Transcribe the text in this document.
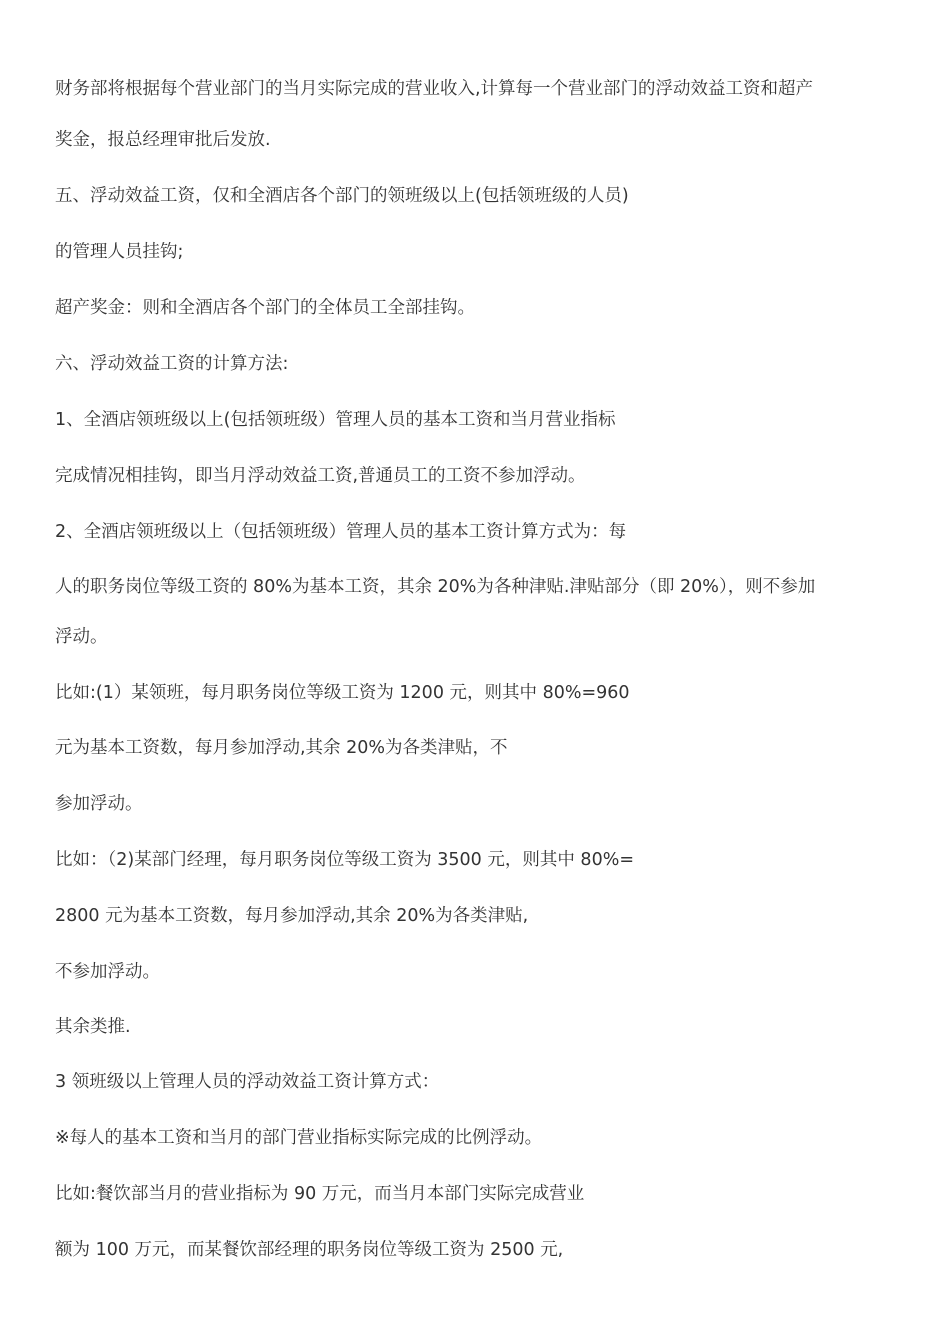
财务部将根据每个营业部门的当月实际完成的营业收入,计算每一个营业部门的浮动效益工资和超产
奖金，报总经理审批后发放.
五、浮动效益工资，仅和全酒店各个部门的领班级以上(包括领班级的人员)
的管理人员挂钩;
超产奖金：则和全酒店各个部门的全体员工全部挂钩。
六、浮动效益工资的计算方法:
1、全酒店领班级以上(包括领班级）管理人员的基本工资和当月营业指标
完成情况相挂钩，即当月浮动效益工资,普通员工的工资不参加浮动。
2、全酒店领班级以上（包括领班级）管理人员的基本工资计算方式为：每
人的职务岗位等级工资的 80%为基本工资，其余 20%为各种津贴.津贴部分（即 20%），则不参加
浮动。
比如:(1）某领班，每月职务岗位等级工资为 1200 元，则其中 80%=960
元为基本工资数，每月参加浮动,其余 20%为各类津贴，不
参加浮动。
比如：（2)某部门经理，每月职务岗位等级工资为 3500 元，则其中 80%=
2800 元为基本工资数，每月参加浮动,其余 20%为各类津贴,
不参加浮动。
其余类推.
3 领班级以上管理人员的浮动效益工资计算方式：
※每人的基本工资和当月的部门营业指标实际完成的比例浮动。
比如:餐饮部当月的营业指标为 90 万元，而当月本部门实际完成营业
额为 100 万元，而某餐饮部经理的职务岗位等级工资为 2500 元,
